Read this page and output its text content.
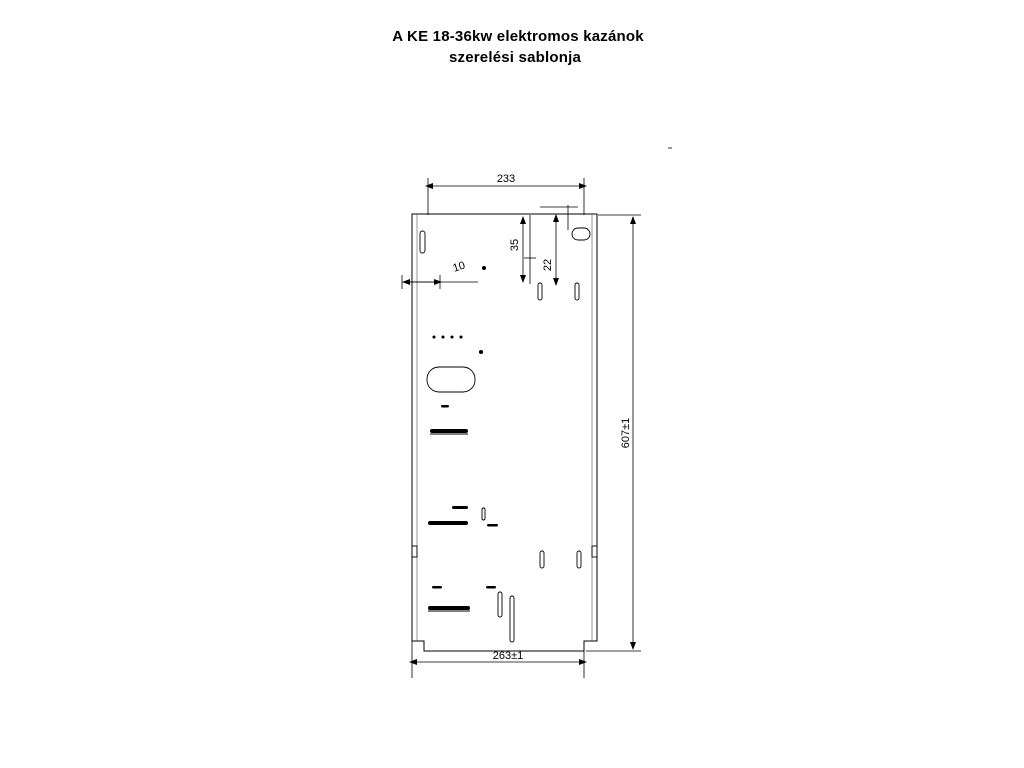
A KE 18-36kw elektromos kazánok
szerelési sablonja
233
607±1
263±1
10
35
22
